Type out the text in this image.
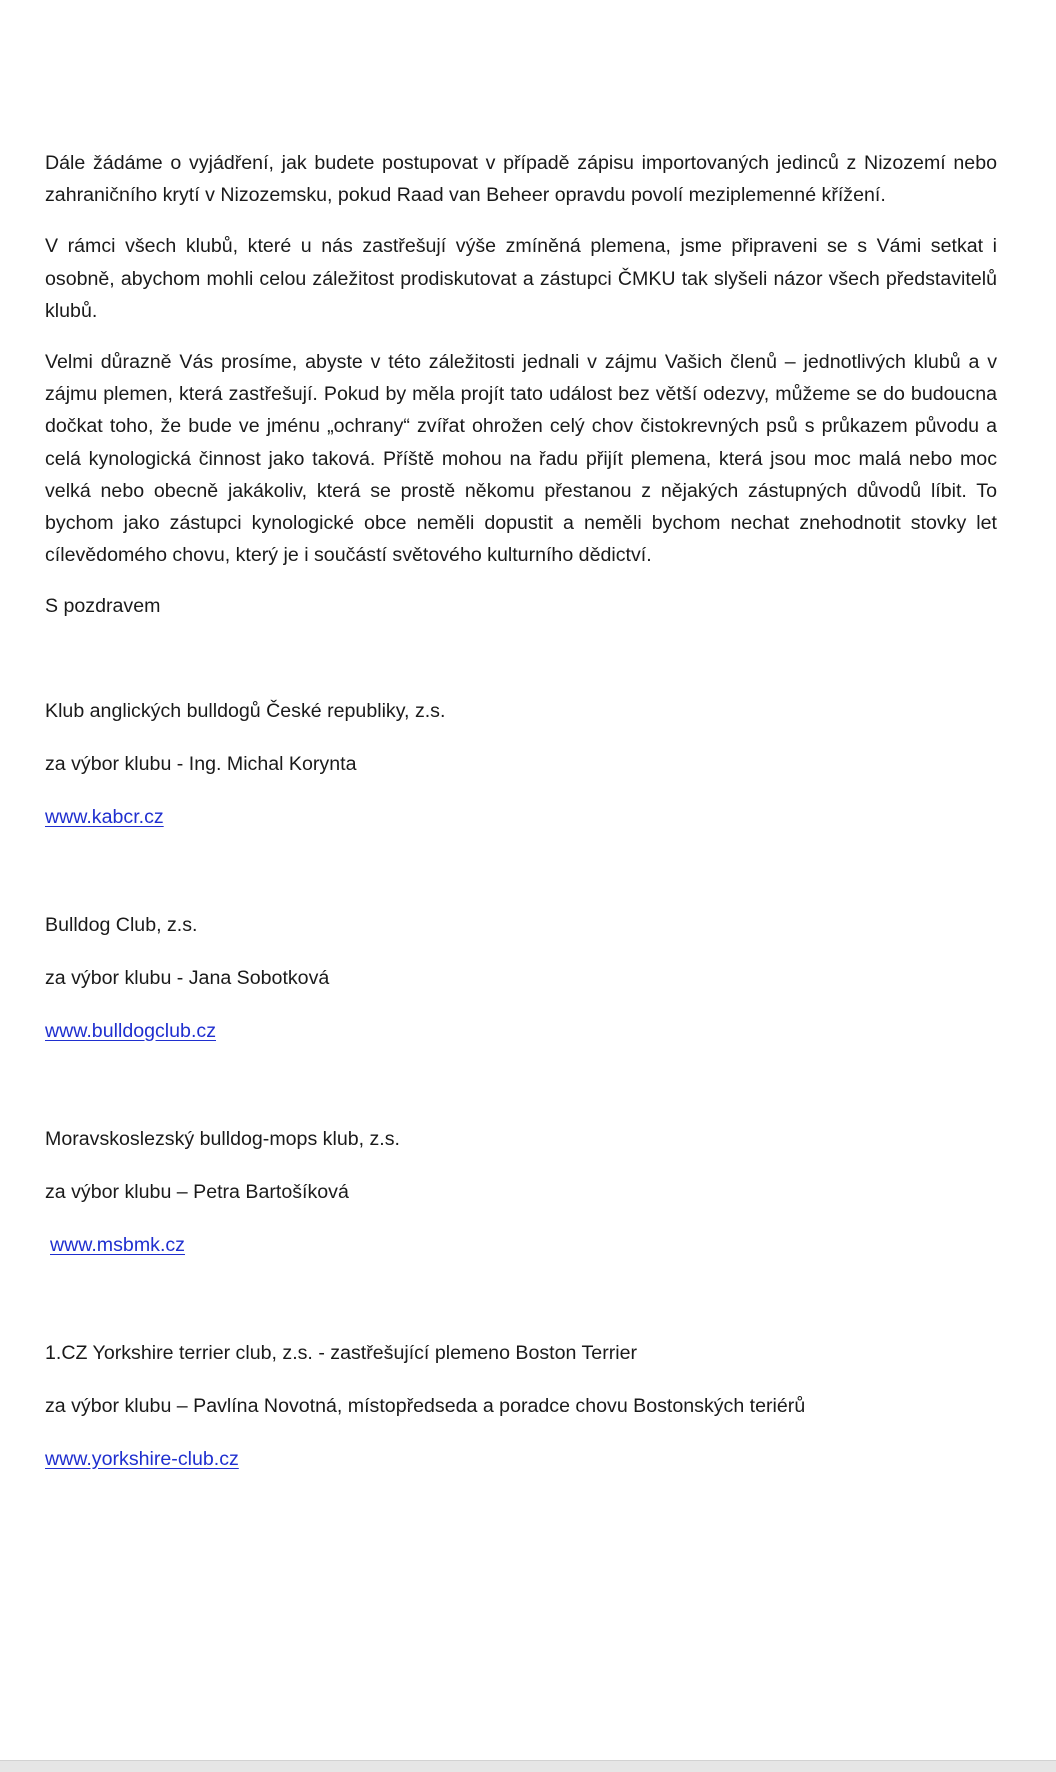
Dále žádáme o vyjádření, jak budete postupovat v případě zápisu importovaných jedinců z Nizozemí nebo zahraničního krytí v Nizozemsku, pokud Raad van Beheer opravdu povolí meziplemenné křížení.

V rámci všech klubů, které u nás zastřešují výše zmíněná plemena, jsme připraveni se s Vámi setkat i osobně, abychom mohli celou záležitost prodiskutovat a zástupci ČMKU tak slyšeli názor všech představitelů klubů.

Velmi důrazně Vás prosíme, abyste v této záležitosti jednali v zájmu Vašich členů – jednotlivých klubů a v zájmu plemen, která zastřešují. Pokud by měla projít tato událost bez větší odezvy, můžeme se do budoucna dočkat toho, že bude ve jménu „ochrany“ zvířat ohrožen celý chov čistokrevných psů s průkazem původu a celá kynologická činnost jako taková. Příště mohou na řadu přijít plemena, která jsou moc malá nebo moc velká nebo obecně jakákoliv, která se prostě někomu přestanou z nějakých zástupných důvodů líbit. To bychom jako zástupci kynologické obce neměli dopustit a neměli bychom nechat znehodnotit stovky let cílevědomého chovu, který je i součástí světového kulturního dědictví.

S pozdravem

Klub anglických bulldogů České republiky, z.s.

za výbor klubu - Ing. Michal Korynta

www.kabcr.cz

Bulldog Club, z.s.

za výbor klubu - Jana Sobotková

www.bulldogclub.cz

Moravskoslezský bulldog-mops klub, z.s.

za výbor klubu – Petra Bartošíková

www.msbmk.cz

1.CZ Yorkshire terrier club, z.s. - zastřešující plemeno Boston Terrier

za výbor klubu – Pavlína Novotná, místopředseda a poradce chovu Bostonských teriérů

www.yorkshire-club.cz
